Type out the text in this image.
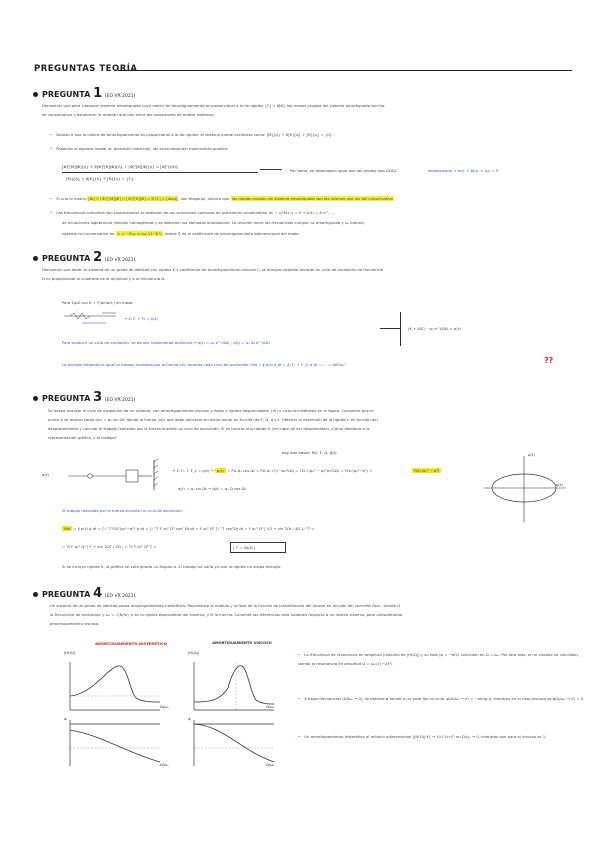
PREGUNTAS TEORÍA
PREGUNTA 1 [EO VR 2021]
Demostrar que para cualquier sistema amortiguado cuya matriz de amortiguamiento es proporcional a la de rigidez, [C] = β[K], los modos propios del sistema amortiguado son los
de conservativo y establecer la relación que hay entre los autovalores de ambos sistemas.
• Debido a que la matriz de amortiguamiento es proporcional a la de rigidez, el sistema puede escribirse como: [M]{q̈} + β[K]{q̇} + [K]{q} = {0}
• Pasamos al espacio modal (a. diversión matricial), las ecuaciones del movimiento quedan:
[Φ]ᵀ[M][Φ]{η̈} + β[Φ]ᵀ[K][Φ]{η̇} + [Φ]ᵀ[K][Φ]{η} = [Φ]ᵀ{f(t)}
[Mᵢ]{η̈} + β[Kᵢ]{η̇} + [Kᵢ]{η} = {Fᵢ}
Por tanto, se desacoplan igual que los modos tipo GDDL	desacoplado → mᵢη̈ᵢ + βkᵢη̇ᵢ + kᵢηᵢ = Fᵢ
• Si una la matriz [Φᵢ] = [Ψᵢ]ᵀ[M][Φ] = [Ψᵢ]ᵀ[K][Φ] = β [C] = [diag], son diagonal, implica que los modos propios del sistema amortiguado son los mismos que los del conservativo
• Las frecuencias naturales son (autovalores) se obtienen de las soluciones comunes en posiciones conservativo (Kᵢ − ω²Mᵢ)·ηᵢ = 0 → η(t) = A eˢᵗ, ...
de ecuaciones algebraicas lineales homogéneas y se obtienen los llamados autovalores. La relación entre las frecuencias cumple: ωᵢ amortiguada y ωᵢ natural,
sistema no conservativo es: λᵢ = −ξᵢωᵢ ± iωᵢ√(1−ξᵢ²), donde ξᵢ es el coeficiente de amortiguamiento adimensional del modo.
PREGUNTA 2 [EO VR 2021]
Demostrar que dado un sistema de un grado de libertad con rigidez K y coeficiente de amortiguamiento viscoso C, la energía disipada durante un ciclo de oscilación de frecuencia
Ω es proporcional al cuadrado de la amplitud y a la frecuencia Ω.
Para 1gdl con K + F(amort.) en masa:
→ Σ: Fᵢ + F₂ = p(t)
(K + iΩC) · q₀ e^(iΩt) = p(t)
Para producir un ciclo de oscilación, se asume movimiento armónico → q(t) = q₀ e^(iΩt) ; q̇(t) = q₀ iΩ e^(iΩt)
La energía disipada es igual al trabajo realizado por la fuerza p(t) durante cada ciclo de oscilación: Wd = ∮ p(t) q̇ dt = ∮ (Fₖ + F_c) q̇ dt = ... = πΩCq₀²	??
PREGUNTA 3 [EO VR 2021]
Se desea analizar el ciclo de disipación de un sistema, con amortiguamiento viscoso y masa y rigidez despreciables, (m) y ciclo de histéresis en la figura. Considere que el
punto A se mueve como q(t) = q₀ sin Ωt, donde la fuerza, p(t) que debe aplicarse en dicho punto en función de F, Ω, q y t. Obtener la expresión de la rigidez F en función del
desplazamiento y calcular el trabajo realizado por la fuerza durante un ciclo de oscilación. Si se tuviera una rigidez K (en lugar de ser despreciable) ¿Cómo afectaría a la
representación gráfica, y el trabajo?
hay que pasar: f(t), F, Ω, q(t)
p(t)
→ Σ: Fₖ + F_c = p(t) → p(t) = FΩ q₀ cos Ωt = FΩ q₀ √(1−sin²Ωt) = FΩ √(q₀² − q₀²sin²Ωt) = FΩ√(q₀²−q²) =	FΩ√(q₀² − q²)
q(t) = q₀ sin Ωt → q̇(t) = q₀ Ω cos Ωt
p(t)
q(t)
El trabajo realizado por la fuerza durante un ciclo de oscilación:
Wd = ∮ p(t) q̇ dt = ∫₀^T FΩ√(q₀²−q²) q̇ dt = ∫₀^T F q₀² Ω² cos² Ωt dt = F q₀² Ω² ∫₀^T cos²Ωt dt = F q₀² Ω² [ t/2 + sin 2Ωt / 4Ω ]₀^T =
= ½ F q₀² Ω² ( T + sin 2ΩT / 2Ω ) = ½ F q₀² Ω² T =	[ T = 2π/Ω ]
Si se incluye rigidez K, la gráfica se verá girada un ángulo α. El trabajo no varía ya que la rigidez no disipa energía.
PREGUNTA 4 [EO VR 2021]
Un sistema de un grado de libertad posee amortiguamiento histerético. Represente la módulo y la fase de la función de transferencia del mismo en función del cociente Ω/ωₙ, siendo Ω
la frecuencia de excitación y ωₙ = √(K/m), K es la rigidez equivalente del sistema, y M la inercia. Comente las diferencias más notables respecto a un mismo sistema, pero considerando
amortiguamiento viscoso.
AMORTIGUAMIENTO HISTERÉTICO
|H(Ω)|
φ
Ω/ωₙ
Ω/ωₙ
AMORTIGUAMIENTO VISCOSO
|H(Ω)|
φ
Ω/ωₙ
Ω/ωₙ
• La frecuencia de resonancia en amplitud (máximo de |H(Ω)|) y su fase (φ = −π/2) coinciden en Ω = ωₙ. Por otro lado, en el viscoso no coinciden, siendo la resonancia en amplitud Ω = ωₙ√(1−2ξ²)
• A bajas frecuencias (Ω/ωₙ → 0), se obtiene φ tiende a un valor fijo no nulo, φ(Ω/ωₙ → 0) = −arctg η, mientras en el caso viscoso es φ(Ω/ωₙ → 0) = 0.
• Un amortiguamiento histerético el módulo adimensional (|H(Ω)|·K) → 1/√(1+η²) en Ω/ωₙ → 0, mientras que para el viscoso es 1.
